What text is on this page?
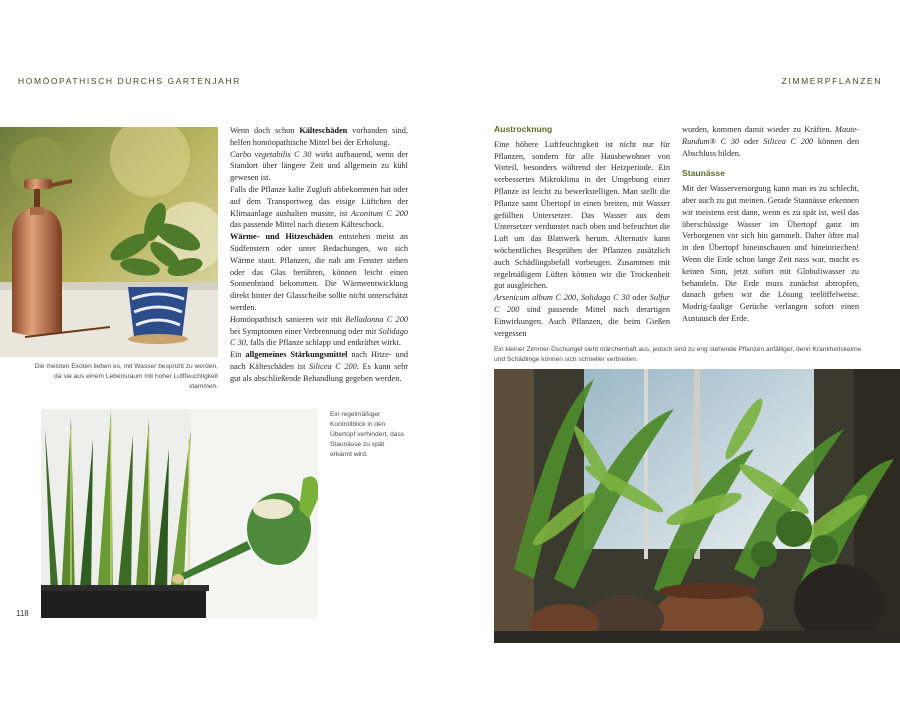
HOMÖOPATHISCH DURCHS GARTENJAHR	ZIMMERPFLANZEN
Die meisten Exoten lieben es, mit Wasser besprüht zu werden, da sie aus einem Lebensraum mit hoher Luftfeuchtigkeit stammen.

Wenn doch schon Kälteschäden vorhanden sind, helfen homöopathische Mittel bei der Erholung.

Carbo vegetabilis C 30 wirkt aufbauend, wenn der Standort über längere Zeit und allgemein zu kühl gewesen ist.

Falls die Pflanze kalte Zugluft abbekommen hat oder auf dem Transportweg das eisige Lüftchen der Klimaanlage aushalten musste, ist Aconitum C 200 das passende Mittel nach diesem Kälteschock.

Wärme- und Hitzeschäden entstehen meist an Südfenstern oder unter Bedachungen, wo sich Wärme staut. Pflanzen, die nah am Fenster stehen oder das Glas berühren, können leicht einen Sonnenbrand bekommen. Die Wärmeentwicklung direkt hinter der Glasscheibe sollte nicht unterschätzt werden.

Homöopathisch sanieren wir mit Belladonna C 200 bei Symptomen einer Verbrennung oder mit Solidago C 30, falls die Pflanze schlapp und entkräftet wirkt.

Ein allgemeines Stärkungsmittel nach Hitze- und nach Kälteschäden ist Silicea C 200. Es kann sehr gut als abschließende Behandlung gegeben werden.

Ein regelmäßiger Kontrollblick in den Übertopf verhindert, dass Staunässe zu spät erkannt wird.
118
Austrocknung

Eine höhere Luftfeuchtigkeit ist nicht nur für Pflanzen, sondern für alle Hausbewohner von Vorteil, besonders während der Heizperiode. Ein verbessertes Mikroklima in der Umgebung einer Pflanze ist leicht zu bewerkstelligen. Man stellt die Pflanze samt Übertopf in einen breiten, mit Wasser gefüllten Untersetzer. Das Wasser aus dem Untersetzer verdunstet nach oben und befeuchtet die Luft um das Blattwerk herum. Alternativ kann wöchentliches Besprühen der Pflanzen zusätzlich auch Schädlingsbefall vorbeugen. Zusammen mit regelmäßigem Lüften können wir die Trockenheit gut ausgleichen.

Arsenicum album C 200, Solidago C 30 oder Sulfur C 200 sind passende Mittel nach derartigen Einwirkungen. Auch Pflanzen, die beim Gießen vergessen

wurden, kommen damit wieder zu Kräften. Maute-Rundum® C 30 oder Silicea C 200 können den Abschluss bilden.

Staunässe

Mit der Wasserversorgung kann man es zu schlecht, aber auch zu gut meinen. Gerade Staunässe erkennen wir meistens erst dann, wenn es zu spät ist, weil das überschüssige Wasser im Übertopf ganz im Verborgenen vor sich hin gammelt. Daher öfter mal in den Übertopf hineinschauen und hineinriechen! Wenn die Erde schon lange Zeit nass war, macht es keinen Sinn, jetzt sofort mit Globuliwasser zu behandeln. Die Erde muss zunächst abtropfen, danach geben wir die Lösung teelöffelweise. Modrig-faulige Gerüche verlangen sofort einen Austausch der Erde.

Ein kleiner Zimmer-Dschungel sieht märchenhaft aus, jedoch sind zu eng stehende Pflanzen anfälliger, denn Krankheitskeime und Schädlinge können sich schneller verbreiten.
